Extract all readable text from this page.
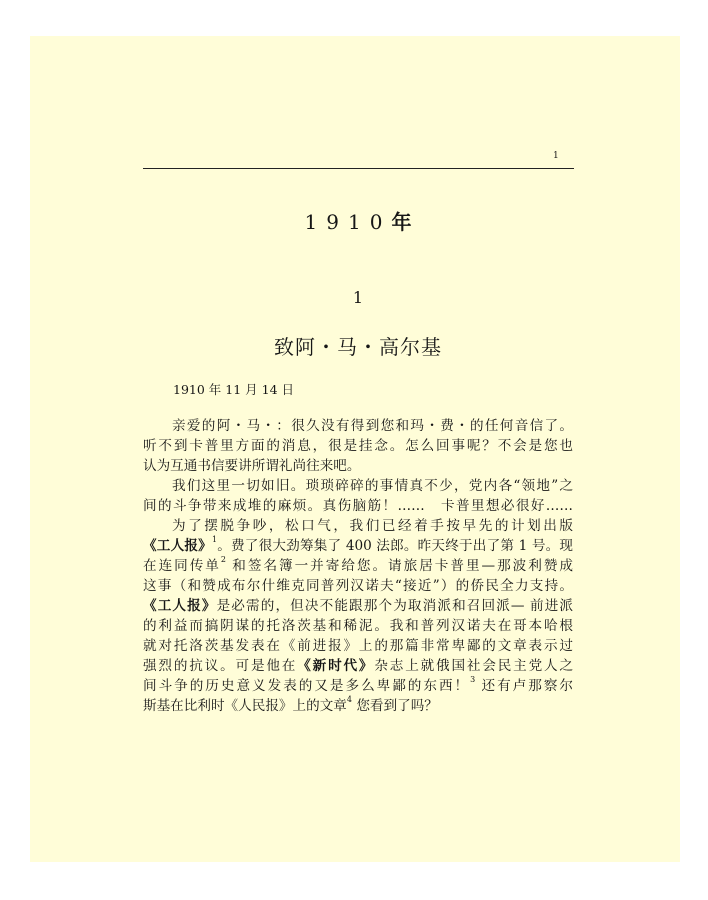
1
1910年
1
致阿・马・高尔基
1910 年 11 月 14 日
亲爱的阿・马・：很久没有得到您和玛・费・的任何音信了。
听不到卡普里方面的消息，很是挂念。怎么回事呢？不会是您也
认为互通书信要讲所谓礼尚往来吧。
我们这里一切如旧。琐琐碎碎的事情真不少，党内各“领地”之
间的斗争带来成堆的麻烦。真伤脑筋！……　卡普里想必很好……
为了摆脱争吵，松口气，我们已经着手按早先的计划出版
《工人报》$^1$。费了很大劲筹集了 400 法郎。昨天终于出了第 1 号。现
在连同传单$^2$ 和签名簿一并寄给您。请旅居卡普里—那波利赞成
这事（和赞成布尔什维克同普列汉诺夫“接近”）的侨民全力支持。
《工人报》是必需的，但决不能跟那个为取消派和召回派— 前进派
的利益而搞阴谋的托洛茨基和稀泥。我和普列汉诺夫在哥本哈根
就对托洛茨基发表在《前进报》上的那篇非常卑鄙的文章表示过
强烈的抗议。可是他在《新时代》杂志上就俄国社会民主党人之
间斗争的历史意义发表的又是多么卑鄙的东西！$^3$ 还有卢那察尔
斯基在比利时《人民报》上的文章$^4$ 您看到了吗？
